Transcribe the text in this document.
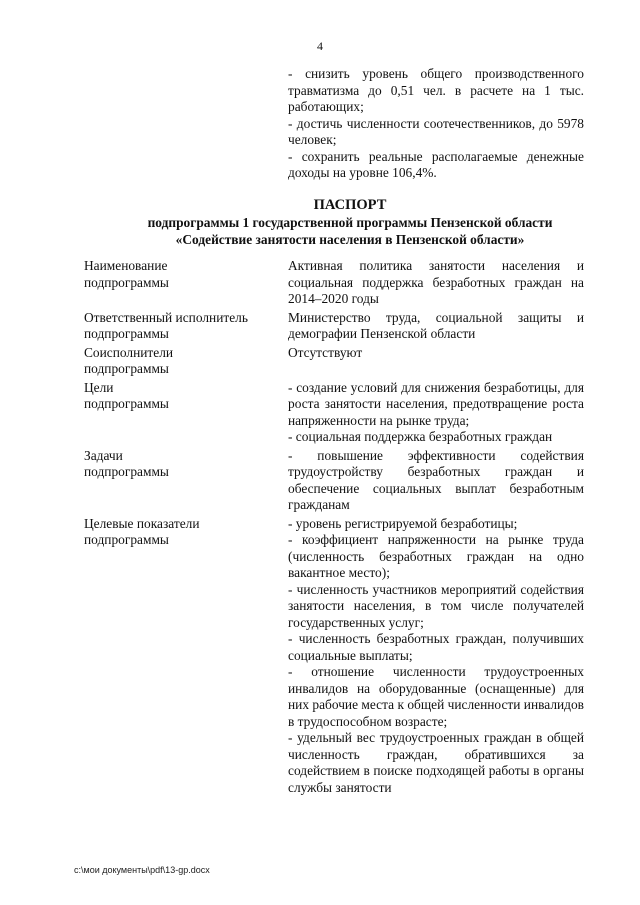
4

- снизить уровень общего производственного травматизма до 0,51 чел. в расчете на 1 тыс. работающих;

- достичь численности соотечественников, до 5978 человек;

- сохранить реальные располагаемые денежные доходы на уровне 106,4%.

ПАСПОРТ
подпрограммы 1 государственной программы Пензенской области
«Содействие занятости населения в Пензенской области»
Наименование
подпрограммы

Активная политика занятости населения и социальная поддержка безработных граждан на 2014–2020 годы

Ответственный исполнитель
подпрограммы

Министерство труда, социальной защиты и демографии Пензенской области

Соисполнители
подпрограммы

Отсутствуют

Цели
подпрограммы

- создание условий для снижения безработицы, для роста занятости населения, предотвращение роста напряженности на рынке труда;

- социальная поддержка безработных граждан

Задачи
подпрограммы

- повышение эффективности содействия трудоустройству безработных граждан и обеспечение социальных выплат безработным гражданам

Целевые показатели
подпрограммы

- уровень регистрируемой безработицы;

- коэффициент напряженности на рынке труда (численность безработных граждан на одно вакантное место);

- численность участников мероприятий содействия занятости населения, в том числе получателей государственных услуг;

- численность безработных граждан, получивших социальные выплаты;

- отношение численности трудоустроенных инвалидов на оборудованные (оснащенные) для них рабочие места к общей численности инвалидов в трудоспособном возрасте;

- удельный вес трудоустроенных граждан в общей численность граждан, обратившихся за содействием в поиске подходящей работы в органы службы занятости

c:\мои документы\pdf\13-gp.docx
